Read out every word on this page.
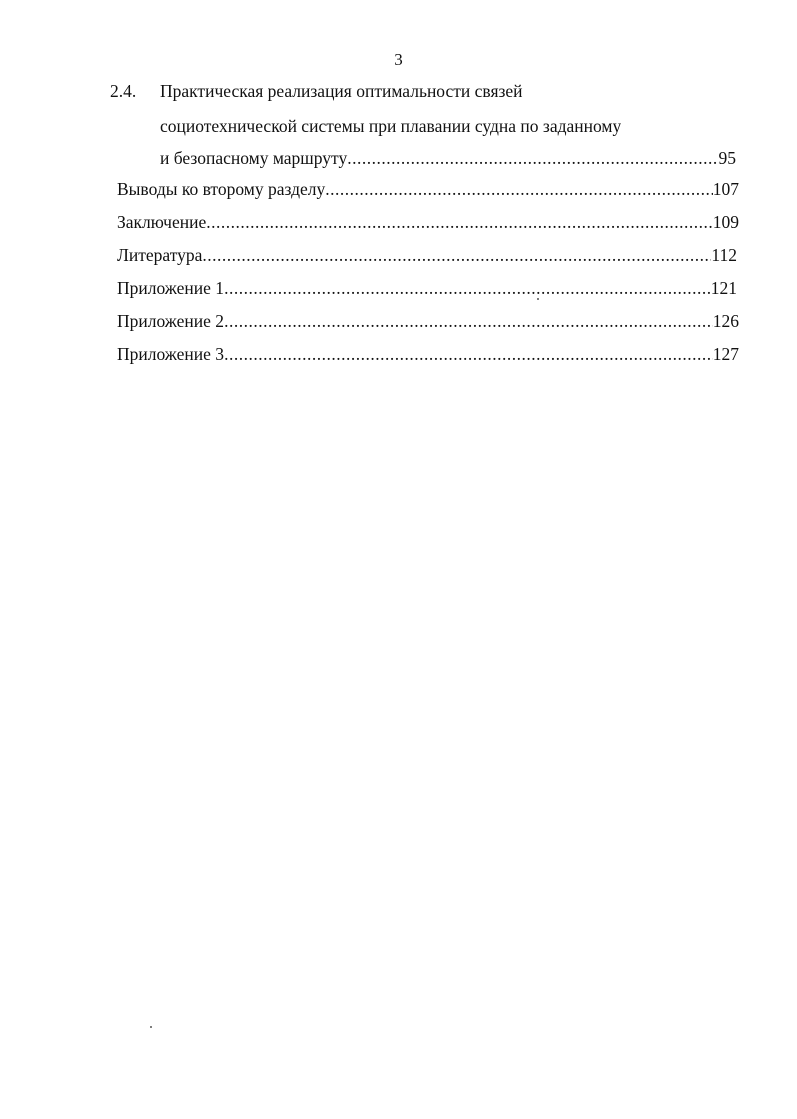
3
2.4. Практическая реализация оптимальности связей
социотехнической системы при плавании судна по заданному
и безопасному маршруту .....	95
Выводы ко второму разделу .....	107
Заключение .....	109
Литература .....	112
Приложение 1 .....	121
Приложение 2 .....	126
Приложение 3 .....	127
